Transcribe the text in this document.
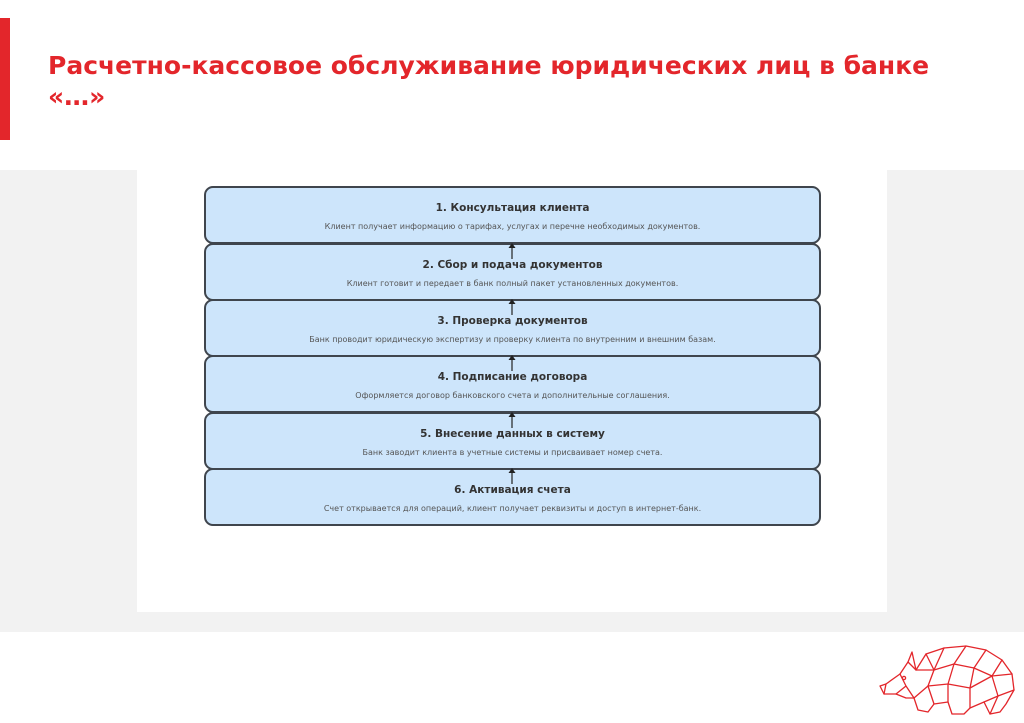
Расчетно-кассовое обслуживание юридических лиц в банке «…»
1. Консультация клиента
Клиент получает информацию о тарифах, услугах и перечне необходимых документов.
2. Сбор и подача документов
Клиент готовит и передает в банк полный пакет установленных документов.
3. Проверка документов
Банк проводит юридическую экспертизу и проверку клиента по внутренним и внешним базам.
4. Подписание договора
Оформляется договор банковского счета и дополнительные соглашения.
5. Внесение данных в систему
Банк заводит клиента в учетные системы и присваивает номер счета.
6. Активация счета
Счет открывается для операций, клиент получает реквизиты и доступ в интернет-банк.
